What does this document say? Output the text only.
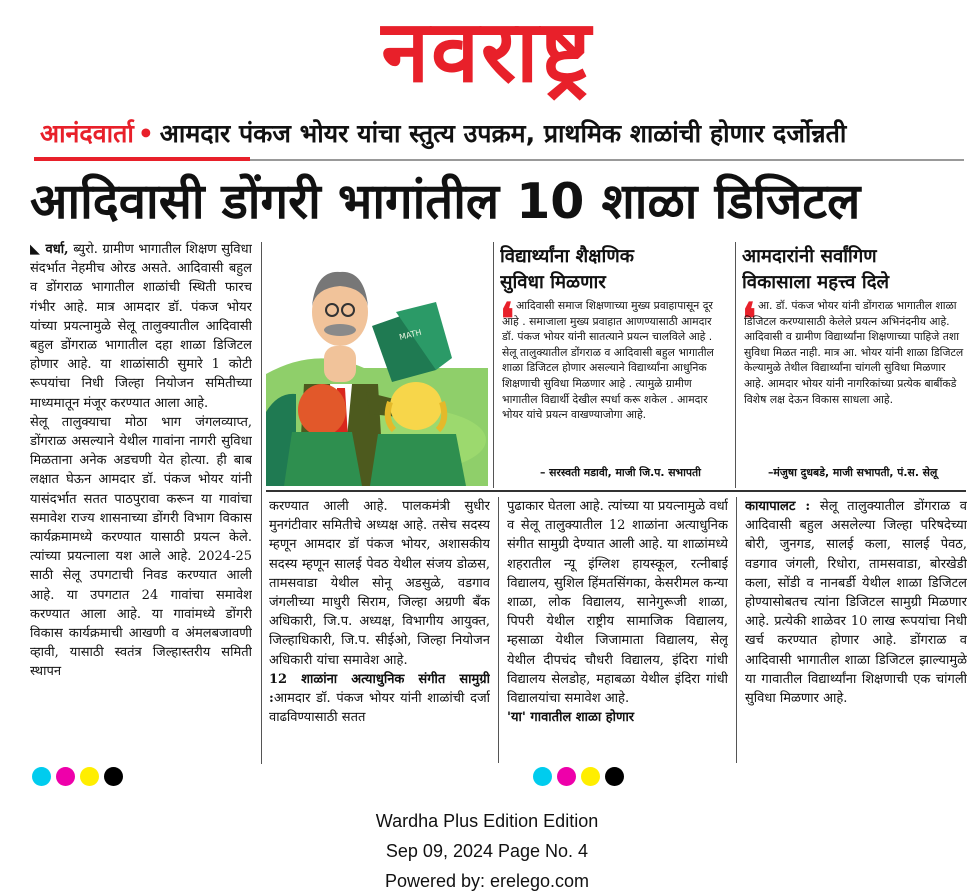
नवराष्ट्र
आनंदवार्ता • आमदार पंकज भोयर यांचा स्तुत्य उपक्रम, प्राथमिक शाळांची होणार दर्जोन्नती
आदिवासी डोंगरी भागांतील 10 शाळा डिजिटल
◣ वर्धा, ब्युरो. ग्रामीण भागातील शिक्षण सुविधा संदर्भात नेहमीच ओरड असते. आदिवासी बहुल व डोंगराळ भागातील शाळांची स्थिती फारच गंभीर आहे. मात्र आमदार डॉ. पंकज भोयर यांच्या प्रयत्नामुळे सेलू तालुक्यातील आदिवासी बहुल डोंगराळ भागातील दहा शाळा डिजिटल होणार आहे. या शाळांसाठी सुमारे 1 कोटी रूपयांचा निधी जिल्हा नियोजन समितीच्या माध्यमातून मंजूर करण्यात आला आहे.
सेलू तालुक्याचा मोठा भाग जंगलव्याप्त, डोंगराळ असल्याने येथील गावांना नागरी सुविधा मिळताना अनेक अडचणी येत होत्या. ही बाब लक्षात घेऊन आमदार डॉ. पंकज भोयर यांनी यासंदर्भात सतत पाठपुरावा करून या गावांचा समावेश राज्य शासनाच्या डोंगरी विभाग विकास कार्यक्रमामध्ये करण्यात यासाठी प्रयत्न केले. त्यांच्या प्रयत्नाला यश आले आहे. 2024-25 साठी सेलू उपगटाची निवड करण्यात आली आहे. या उपगटात 24 गावांचा समावेश करण्यात आला आहे. या गावांमध्ये डोंगरी विकास कार्यक्रमाची आखणी व अंमलबजावणी व्हावी, यासाठी स्वतंत्र जिल्हास्तरीय समिती स्थापन
MATH
विद्यार्थ्यांना शैक्षणिक
सुविधा मिळणार
❛ आदिवासी समाज शिक्षणाच्या मुख्य प्रवाहापासून दूर आहे . समाजाला मुख्य प्रवाहात आणण्यासाठी आमदार डॉ. पंकज भोयर यांनी सातत्याने प्रयत्न चालविले आहे . सेलू तालुक्यातील डोंगराळ व आदिवासी बहुल भागातील शाळा डिजिटल होणार असल्याने विद्यार्थ्यांना आधुनिक शिक्षणाची सुविधा मिळणार आहे . त्यामुळे ग्रामीण भागातील विद्यार्थी देखील स्पर्धा करू शकेल . आमदार भोयर यांचे प्रयत्न वाखण्याजोगा आहे.
– सरस्वती मडावी, माजी जि.प. सभापती
आमदारांनी सर्वांगिण
विकासाला महत्त्व दिले
❛ आ. डॉ. पंकज भोयर यांनी डोंगराळ भागातील शाळा डिजिटल करण्यासाठी केलेले प्रयत्न अभिनंदनीय आहे. आदिवासी व ग्रामीण विद्यार्थ्यांना शिक्षणाच्या पाहिजे तशा सुविधा मिळत नाही. मात्र आ. भोयर यांनी शाळा डिजिटल केल्यामुळे तेथील विद्यार्थ्यांना चांगली सुविधा मिळणार आहे. आमदार भोयर यांनी नागरिकांच्या प्रत्येक बाबींकडे विशेष लक्ष देऊन विकास साधला आहे.
–मंजुषा दुधबडे, माजी सभापती, पं.स. सेलू
करण्यात आली आहे. पालकमंत्री सुधीर मुनगंटीवार समितीचे अध्यक्ष आहे. तसेच सदस्य म्हणून आमदार डॉ पंकज भोयर, अशासकीय सदस्य म्हणून सालई पेवठ येथील संजय डोळस, तामसवाडा येथील सोनू अडसुळे, वडगाव जंगलीच्या माधुरी सिराम, जिल्हा अग्रणी बँक अधिकारी, जि.प. अध्यक्ष, विभागीय आयुक्त, जिल्हाधिकारी, जि.प. सीईओ, जिल्हा नियोजन अधिकारी यांचा समावेश आहे.
12 शाळांना अत्याधुनिक संगीत सामुग्री :आमदार डॉ. पंकज भोयर यांनी शाळांची दर्जा वाढविण्यासाठी सतत
पुढाकार घेतला आहे. त्यांच्या या प्रयत्नामुळे वर्धा व सेलू तालुक्यातील 12 शाळांना अत्याधुनिक संगीत सामुग्री देण्यात आली आहे. या शाळांमध्ये शहरातील न्यू इंग्लिश हायस्कूल, रत्नीबाई विद्यालय, सुशिल हिंमतसिंगका, केसरीमल कन्या शाळा, लोक विद्यालय, सानेगुरूजी शाळा, पिपरी येथील राष्ट्रीय सामाजिक विद्यालय, म्हसाळा येथील जिजामाता विद्यालय, सेलू येथील दीपचंद चौधरी विद्यालय, इंदिरा गांधी विद्यालय सेलडोह, महाबळा येथील इंदिरा गांधी विद्यालयांचा समावेश आहे.
'या' गावातील शाळा होणार
कायापालट : सेलू तालुक्यातील डोंगराळ व आदिवासी बहुल असलेल्या जिल्हा परिषदेच्या बोरी, जुनगड, सालई कला, सालई पेवठ, वडगाव जंगली, रिधोरा, तामसवाडा, बोरखेडी कला, सोंडी व नानबर्डी येथील शाळा डिजिटल होण्यासोबतच त्यांना डिजिटल सामुग्री मिळणार आहे. प्रत्येकी शाळेवर 10 लाख रूपयांचा निधी खर्च करण्यात होणार आहे. डोंगराळ व आदिवासी भागातील शाळा डिजिटल झाल्यामुळे या गावातील विद्यार्थ्यांना शिक्षणाची एक चांगली सुविधा मिळणार आहे.
Wardha Plus Edition Edition
Sep 09, 2024 Page No. 4
Powered by: erelego.com
